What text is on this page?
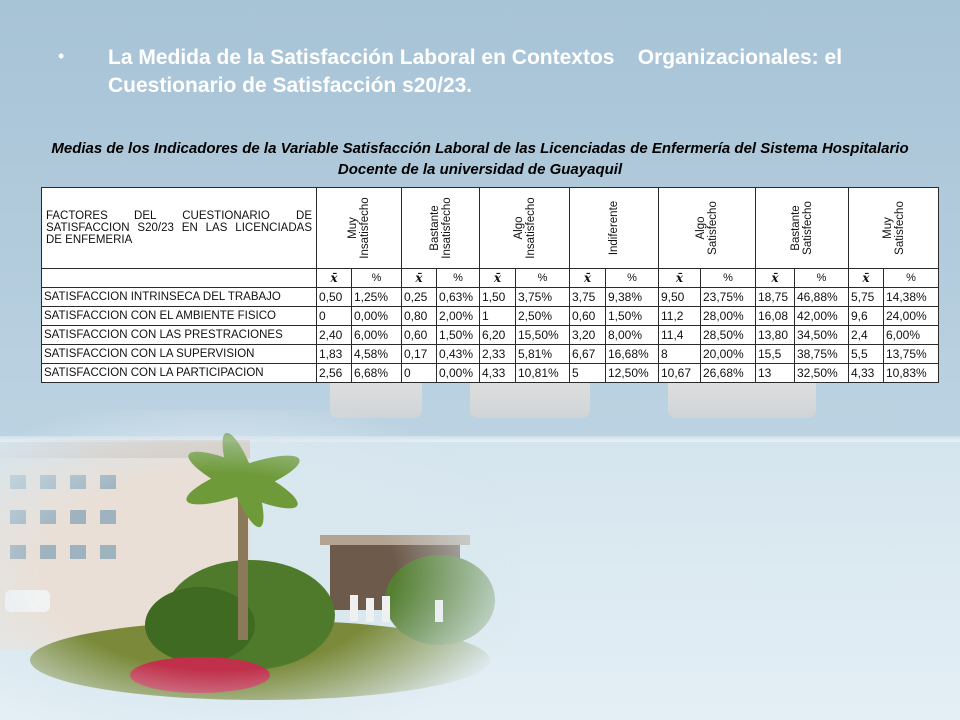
• La Medida de la Satisfacción Laboral en Contextos    Organizacionales: el Cuestionario de Satisfacción s20/23.

Medias de los Indicadores de la Variable Satisfacción Laboral de las Licenciadas de Enfermería del Sistema Hospitalario Docente de la universidad de Guayaquil

FACTORES DEL CUESTIONARIO DE SATISFACCION S20/23 EN LAS LICENCIADAS DE ENFEMERIA	Muy
Insatisfecho		Bastante
Insatisfecho		Algo
Insatisfecho		Indiferente		Algo
Satisfecho		Bastante
Satisfecho		Muy
Satisfecho	

	x̄	%	x̄	%	x̄	%	x̄	%	x̄	%	x̄	%	x̄	%
SATISFACCION INTRINSECA DEL TRABAJO	0,50	1,25%	0,25	0,63%	1,50	3,75%	3,75	9,38%	9,50	23,75%	18,75	46,88%	5,75	14,38%
SATISFACCION CON EL AMBIENTE FISICO	0	0,00%	0,80	2,00%	1	2,50%	0,60	1,50%	11,2	28,00%	16,08	42,00%	9,6	24,00%
SATISFACCION CON LAS PRESTRACIONES	2,40	6,00%	0,60	1,50%	6,20	15,50%	3,20	8,00%	11,4	28,50%	13,80	34,50%	2,4	6,00%
SATISFACCION CON LA SUPERVISION	1,83	4,58%	0,17	0,43%	2,33	5,81%	6,67	16,68%	8	20,00%	15,5	38,75%	5,5	13,75%
SATISFACCION CON LA PARTICIPACION	2,56	6,68%	0	0,00%	4,33	10,81%	5	12,50%	10,67	26,68%	13	32,50%	4,33	10,83%
